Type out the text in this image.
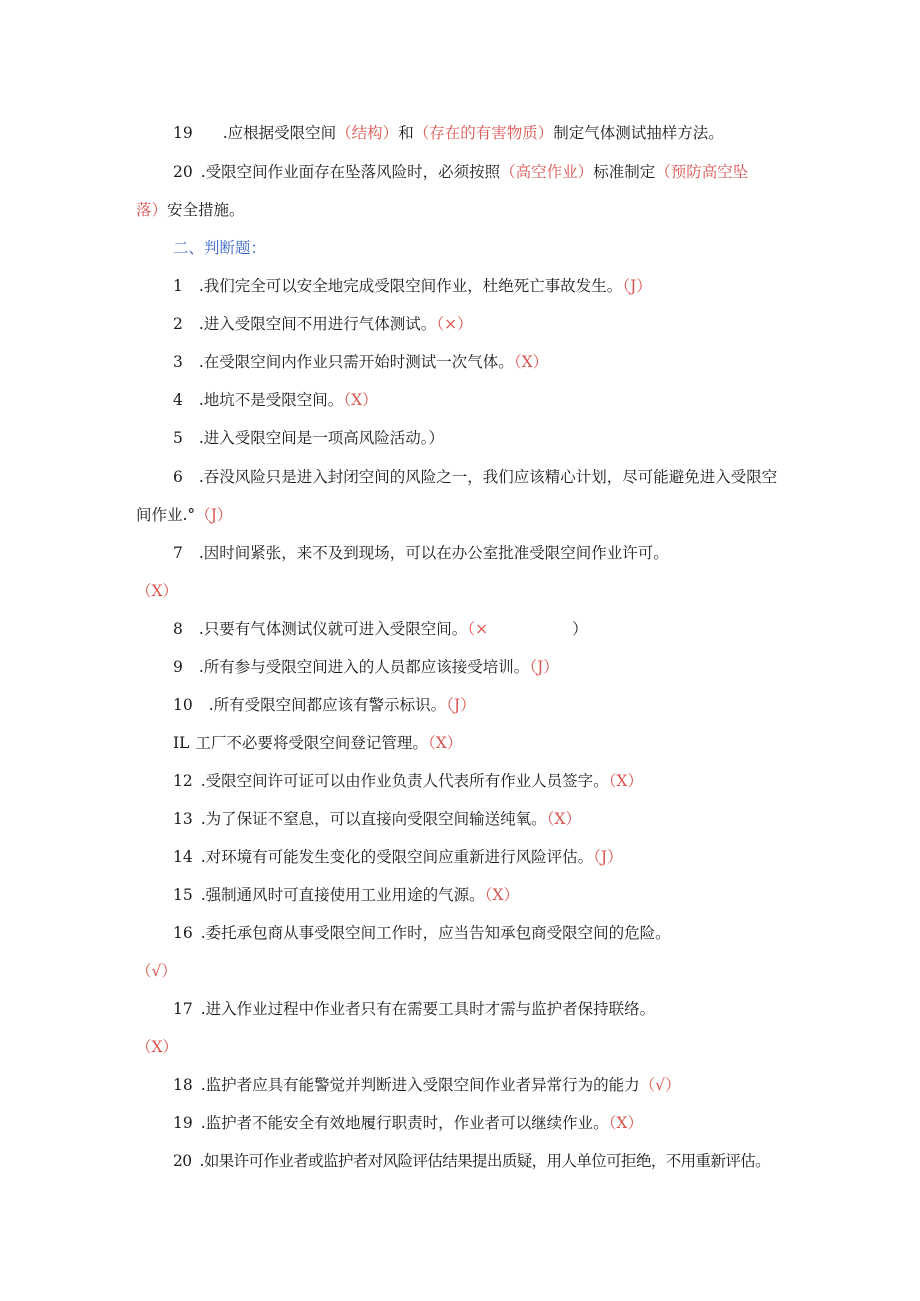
19 .应根据受限空间（结构）和（存在的有害物质）制定气体测试抽样方法。
20 .受限空间作业面存在坠落风险时，必须按照（高空作业）标准制定（预防高空坠
落）安全措施。
二、判断题：
1 .我们完全可以安全地完成受限空间作业，杜绝死亡事故发生。（J）
2 .进入受限空间不用进行气体测试。（×）
3 .在受限空间内作业只需开始时测试一次气体。（X）
4 .地坑不是受限空间。（X）
5 .进入受限空间是一项高风险活动。）
6 .吞没风险只是进入封闭空间的风险之一，我们应该精心计划，尽可能避免进入受限空
间作业.°（J）
7 .因时间紧张，来不及到现场，可以在办公室批准受限空间作业许可。
（X）
8 .只要有气体测试仪就可进入受限空间。（×	）
9 .所有参与受限空间进入的人员都应该接受培训。（J）
10 .所有受限空间都应该有警示标识。（J）
IL 工厂不必要将受限空间登记管理。（X）
12 .受限空间许可证可以由作业负责人代表所有作业人员签字。（X）
13 .为了保证不窒息，可以直接向受限空间输送纯氧。（X）
14 .对环境有可能发生变化的受限空间应重新进行风险评估。（J）
15 .强制通风时可直接使用工业用途的气源。（X）
16 .委托承包商从事受限空间工作时，应当告知承包商受限空间的危险。
（√）
17 .进入作业过程中作业者只有在需要工具时才需与监护者保持联络。
（X）
18 .监护者应具有能警觉并判断进入受限空间作业者异常行为的能力（√）
19 .监护者不能安全有效地履行职责时，作业者可以继续作业。（X）
20 .如果许可作业者或监护者对风险评估结果提出质疑，用人单位可拒绝，不用重新评估。
